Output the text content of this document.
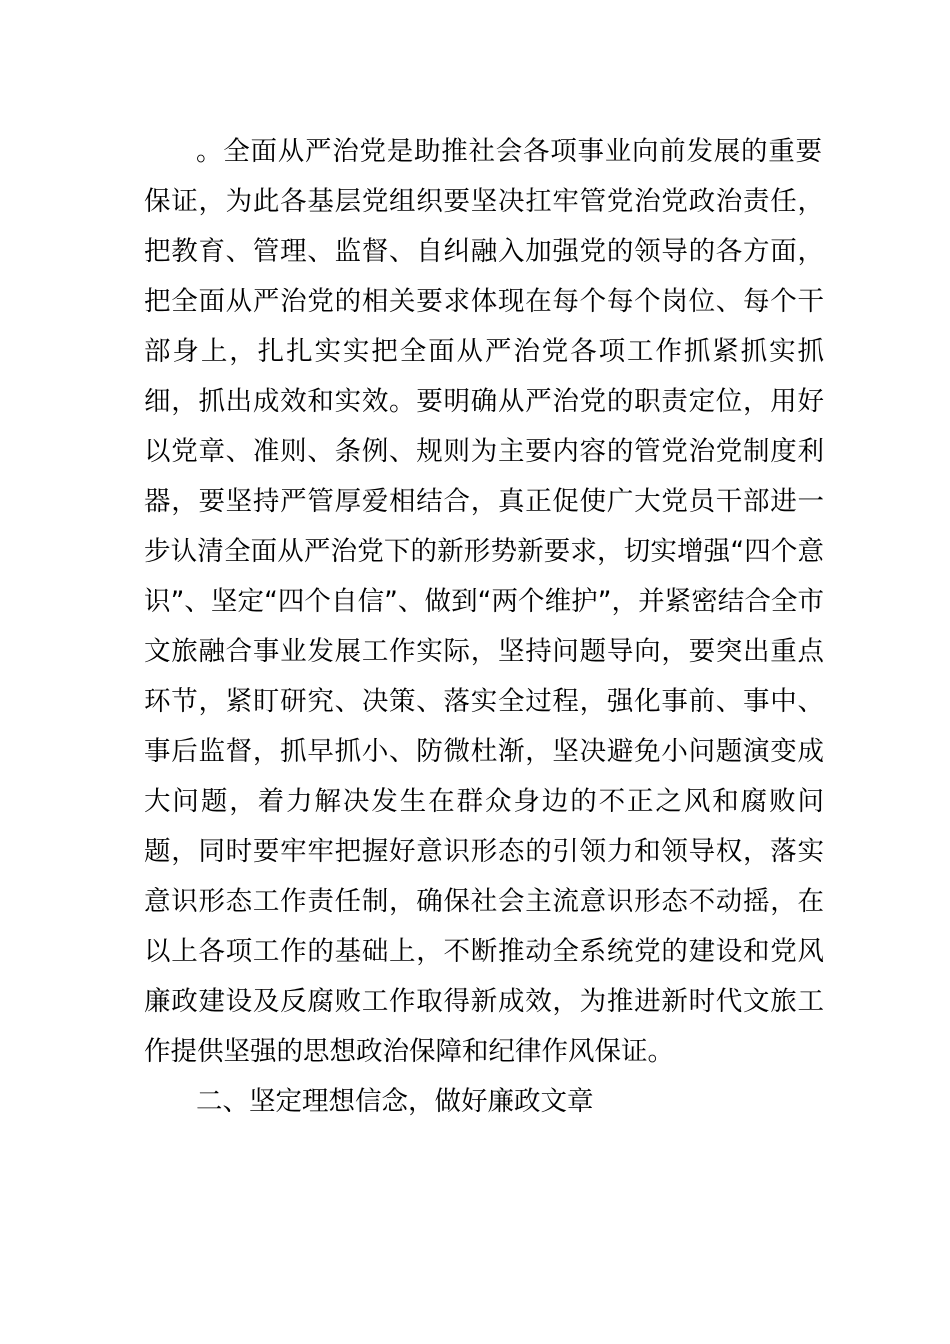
。全面从严治党是助推社会各项事业向前发展的重要
保证，为此各基层党组织要坚决扛牢管党治党政治责任，
把教育、管理、监督、自纠融入加强党的领导的各方面，
把全面从严治党的相关要求体现在每个每个岗位、每个干
部身上，扎扎实实把全面从严治党各项工作抓紧抓实抓
细，抓出成效和实效。要明确从严治党的职责定位，用好
以党章、准则、条例、规则为主要内容的管党治党制度利
器，要坚持严管厚爱相结合，真正促使广大党员干部进一
步认清全面从严治党下的新形势新要求，切实增强“四个意
识”、坚定“四个自信”、做到“两个维护”，并紧密结合全市
文旅融合事业发展工作实际，坚持问题导向，要突出重点
环节，紧盯研究、决策、落实全过程，强化事前、事中、
事后监督，抓早抓小、防微杜渐，坚决避免小问题演变成
大问题，着力解决发生在群众身边的不正之风和腐败问
题，同时要牢牢把握好意识形态的引领力和领导权，落实
意识形态工作责任制，确保社会主流意识形态不动摇，在
以上各项工作的基础上，不断推动全系统党的建设和党风
廉政建设及反腐败工作取得新成效，为推进新时代文旅工
作提供坚强的思想政治保障和纪律作风保证。
二、坚定理想信念，做好廉政文章
